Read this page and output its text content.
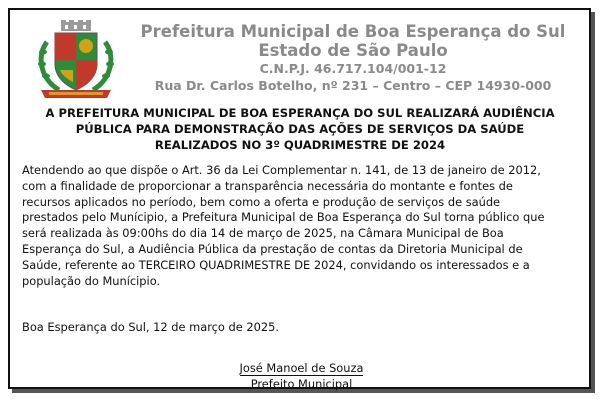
Prefeitura Municipal de Boa Esperança do Sul
Estado de São Paulo
C.N.P.J. 46.717.104/001-12
Rua Dr. Carlos Botelho, nº 231 – Centro – CEP 14930-000
A PREFEITURA MUNICIPAL DE BOA ESPERANÇA DO SUL REALIZARÁ AUDIÊNCIA
PÚBLICA PARA DEMONSTRAÇÃO DAS AÇÕES DE SERVIÇOS DA SAÚDE
REALIZADOS NO 3º QUADRIMESTRE DE 2024
Atendendo ao que dispõe o Art. 36 da Lei Complementar n. 141, de 13 de janeiro de 2012,
com a finalidade de proporcionar a transparência necessária do montante e fontes de
recursos aplicados no período, bem como a oferta e produção de serviços de saúde
prestados pelo Munícipio, a Prefeitura Municipal de Boa Esperança do Sul torna público que
será realizada às 09:00hs do dia 14 de março de 2025, na Câmara Municipal de Boa
Esperança do Sul, a Audiência Pública da prestação de contas da Diretoria Municipal de
Saúde, referente ao TERCEIRO QUADRIMESTRE DE 2024, convidando os interessados e a
população do Munícipio.
Boa Esperança do Sul, 12 de março de 2025.
José Manoel de Souza
Prefeito Municipal
